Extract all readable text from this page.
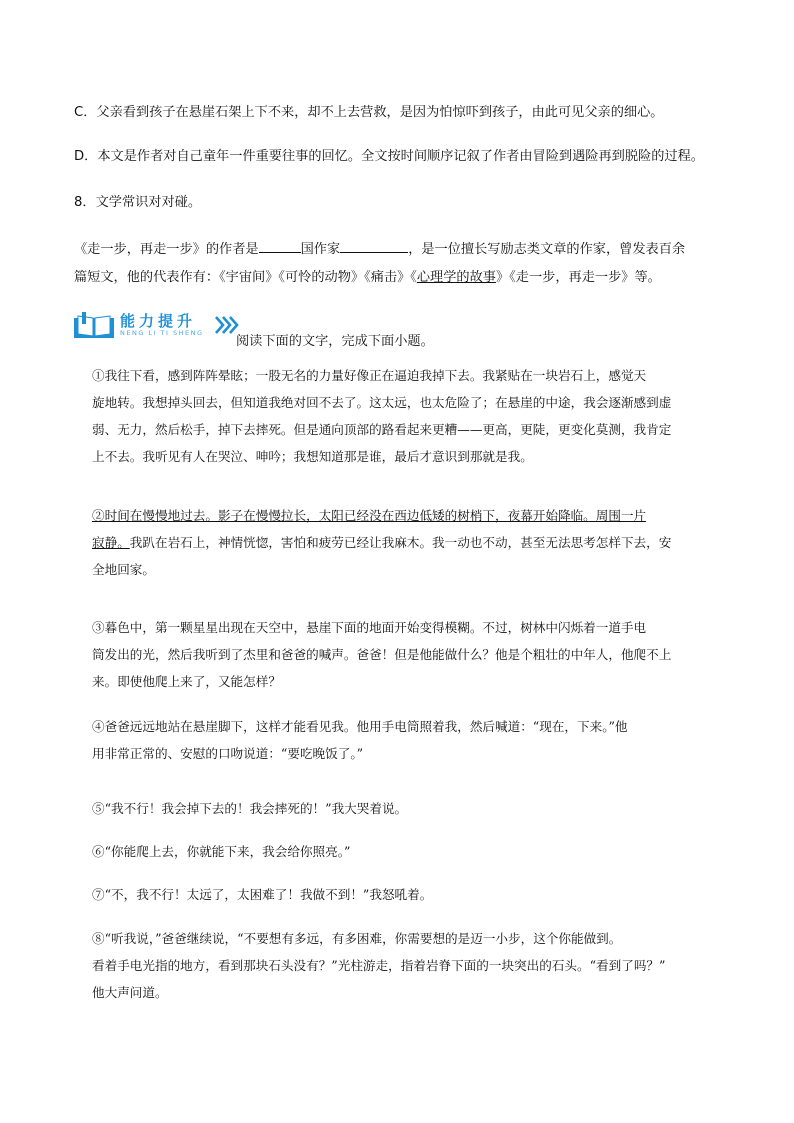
C．父亲看到孩子在悬崖石架上下不来，却不上去营救，是因为怕惊吓到孩子，由此可见父亲的细心。
D．本文是作者对自己童年一件重要往事的回忆。全文按时间顺序记叙了作者由冒险到遇险再到脱险的过程。
8．文学常识对对碰。
《走一步，再走一步》的作者是	国作家	，是一位擅长写励志类文章的作家，曾发表百余
篇短文，他的代表作有：《宇宙间》《可怜的动物》《痛击》《心理学的故事》《走一步，再走一步》等。
能力提升
NENG LI TI SHENG
阅读下面的文字，完成下面小题。
①我往下看，感到阵阵晕眩；一股无名的力量好像正在逼迫我掉下去。我紧贴在一块岩石上，感觉天
旋地转。我想掉头回去，但知道我绝对回不去了。这太远，也太危险了；在悬崖的中途，我会逐渐感到虚
弱、无力，然后松手，掉下去摔死。但是通向顶部的路看起来更糟——更高，更陡，更变化莫测，我肯定
上不去。我听见有人在哭泣、呻吟；我想知道那是谁，最后才意识到那就是我。
②时间在慢慢地过去。影子在慢慢拉长，太阳已经没在西边低矮的树梢下，夜幕开始降临。周围一片
寂静。我趴在岩石上，神情恍惚，害怕和疲劳已经让我麻木。我一动也不动，甚至无法思考怎样下去，安
全地回家。
③暮色中，第一颗星星出现在天空中，悬崖下面的地面开始变得模糊。不过，树林中闪烁着一道手电
筒发出的光，然后我听到了杰里和爸爸的喊声。爸爸！但是他能做什么？他是个粗壮的中年人，他爬不上
来。即使他爬上来了，又能怎样？
④爸爸远远地站在悬崖脚下，这样才能看见我。他用手电筒照着我，然后喊道：“现在，下来。”他
用非常正常的、安慰的口吻说道：“要吃晚饭了。”
⑤“我不行！我会掉下去的！我会摔死的！”我大哭着说。
⑥“你能爬上去，你就能下来，我会给你照亮。”
⑦“不，我不行！太远了，太困难了！我做不到！”我怒吼着。
⑧“听我说，”爸爸继续说，“不要想有多远，有多困难，你需要想的是迈一小步，这个你能做到。
看着手电光指的地方，看到那块石头没有？”光柱游走，指着岩脊下面的一块突出的石头。“看到了吗？”
他大声问道。
